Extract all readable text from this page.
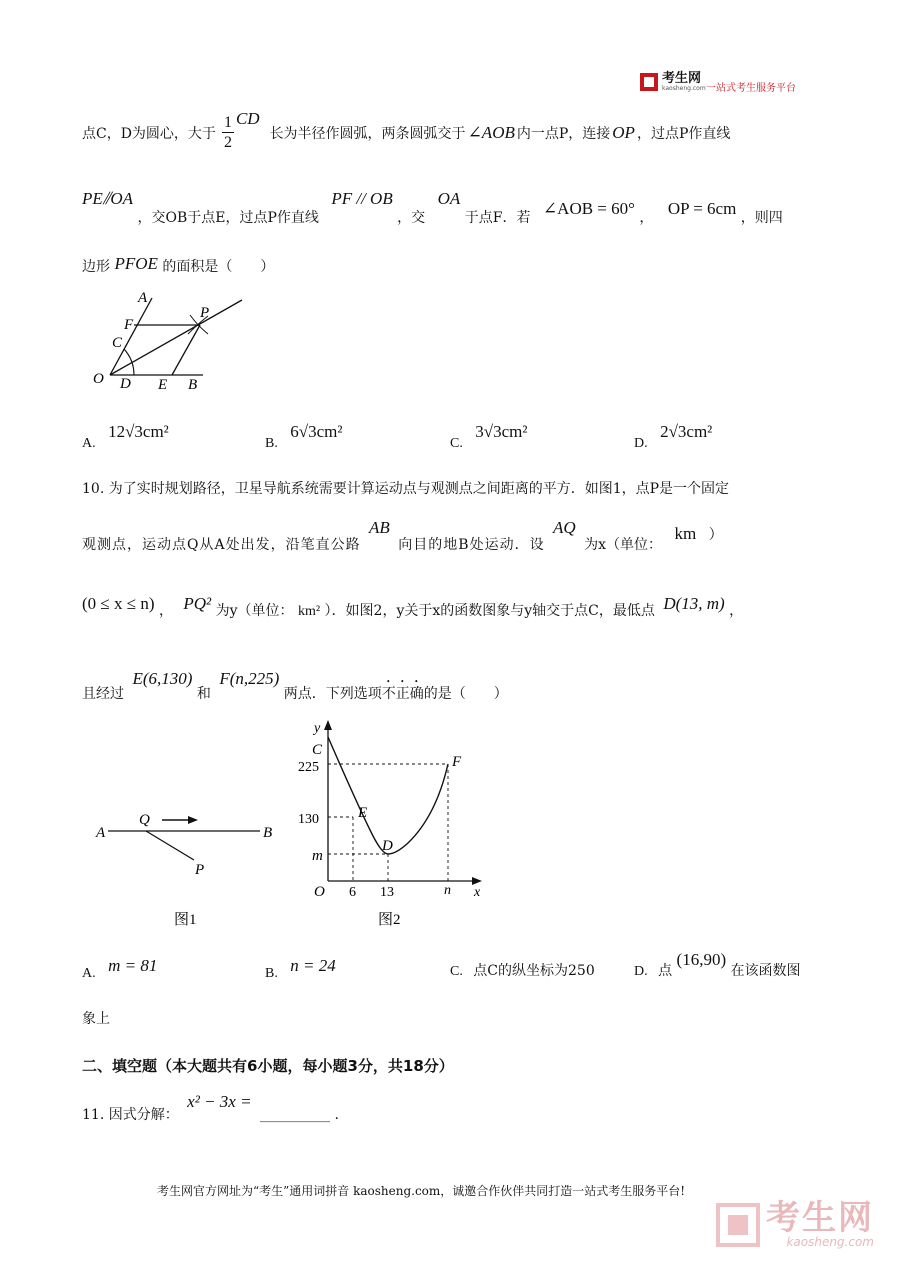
考生网
kaosheng.com 一站式考生服务平台
点C，D为圆心，大于 $\frac{1}{2}$ CD
长为半径作圆弧，两条圆弧交于 ∠AOB 内一点P，连接 OP ，过点P作直线
PE⫽OA ，交OB于点E，过点P作直线 PF // OB ，交 OA 于点F．若 ∠AOB = 60° ， OP = 6cm ，则四
边形 PFOE 的面积是（　　）
A
F
P
C
O D E B
A. 12√3cm²
B. 6√3cm²
C. 3√3cm²
D. 2√3cm²
10. 为了实时规划路径，卫星导航系统需要计算运动点与观测点之间距离的平方．如图1，点P是一个固定
观测点，运动点Q从A处出发，沿笔直公路 AB 向目的地B处运动．设 AQ 为x（单位： km ）
(0 ≤ x ≤ n) ， PQ² 为y（单位： km² ）．如图2，y关于x的函数图象与y轴交于点C，最低点 D(13, m) ，
且经过 E(6,130) 和 F(n,225) 两点．下列选项不正确的是（　　）
A
Q
B
P
图1
y
C
225	F
130	E
m
D
O 6 13	n x
图2
A. m = 81	B. n = 24	C. 点C的纵坐标为250	D. 点 (16,90) 在该函数图
象上
二、填空题（本大题共有6小题，每小题3分，共18分）
11. 因式分解： x² − 3x = __________ .
考生网官方网址为“考生”通用词拼音 kaosheng.com，诚邀合作伙伴共同打造一站式考生服务平台!
考生网
kaosheng.com
